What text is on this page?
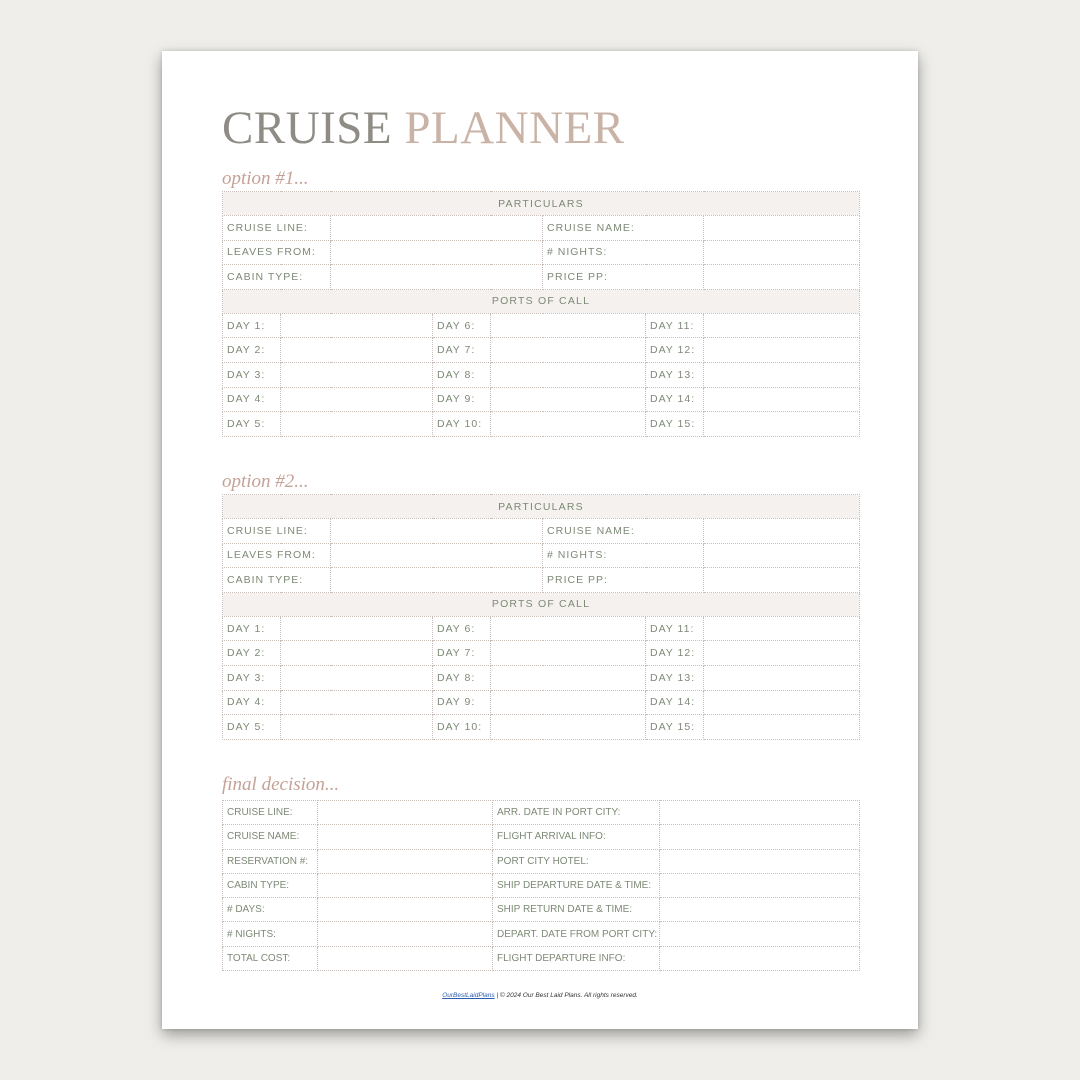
CRUISE PLANNER
option #1...
PARTICULARS							
CRUISE LINE:					CRUISE NAME:		
LEAVES FROM:					# NIGHTS:		
CABIN TYPE:					PRICE PP:		
PORTS OF CALL							
DAY 1:			DAY 6:			DAY 11:	
DAY 2:			DAY 7:			DAY 12:	
DAY 3:			DAY 8:			DAY 13:	
DAY 4:			DAY 9:			DAY 14:	
DAY 5:			DAY 10:			DAY 15:	
option #2...
PARTICULARS							
CRUISE LINE:					CRUISE NAME:		
LEAVES FROM:					# NIGHTS:		
CABIN TYPE:					PRICE PP:		
PORTS OF CALL							
DAY 1:			DAY 6:			DAY 11:	
DAY 2:			DAY 7:			DAY 12:	
DAY 3:			DAY 8:			DAY 13:	
DAY 4:			DAY 9:			DAY 14:	
DAY 5:			DAY 10:			DAY 15:	
final decision...
CRUISE LINE:		ARR. DATE IN PORT CITY:	
CRUISE NAME:		FLIGHT ARRIVAL INFO:	
RESERVATION #:		PORT CITY HOTEL:	
CABIN TYPE:		SHIP DEPARTURE DATE & TIME:	
# DAYS:		SHIP RETURN DATE & TIME:	
# NIGHTS:		DEPART. DATE FROM PORT CITY:	
TOTAL COST:		FLIGHT DEPARTURE INFO:	
OurBestLaidPlans | © 2024 Our Best Laid Plans. All rights reserved.
